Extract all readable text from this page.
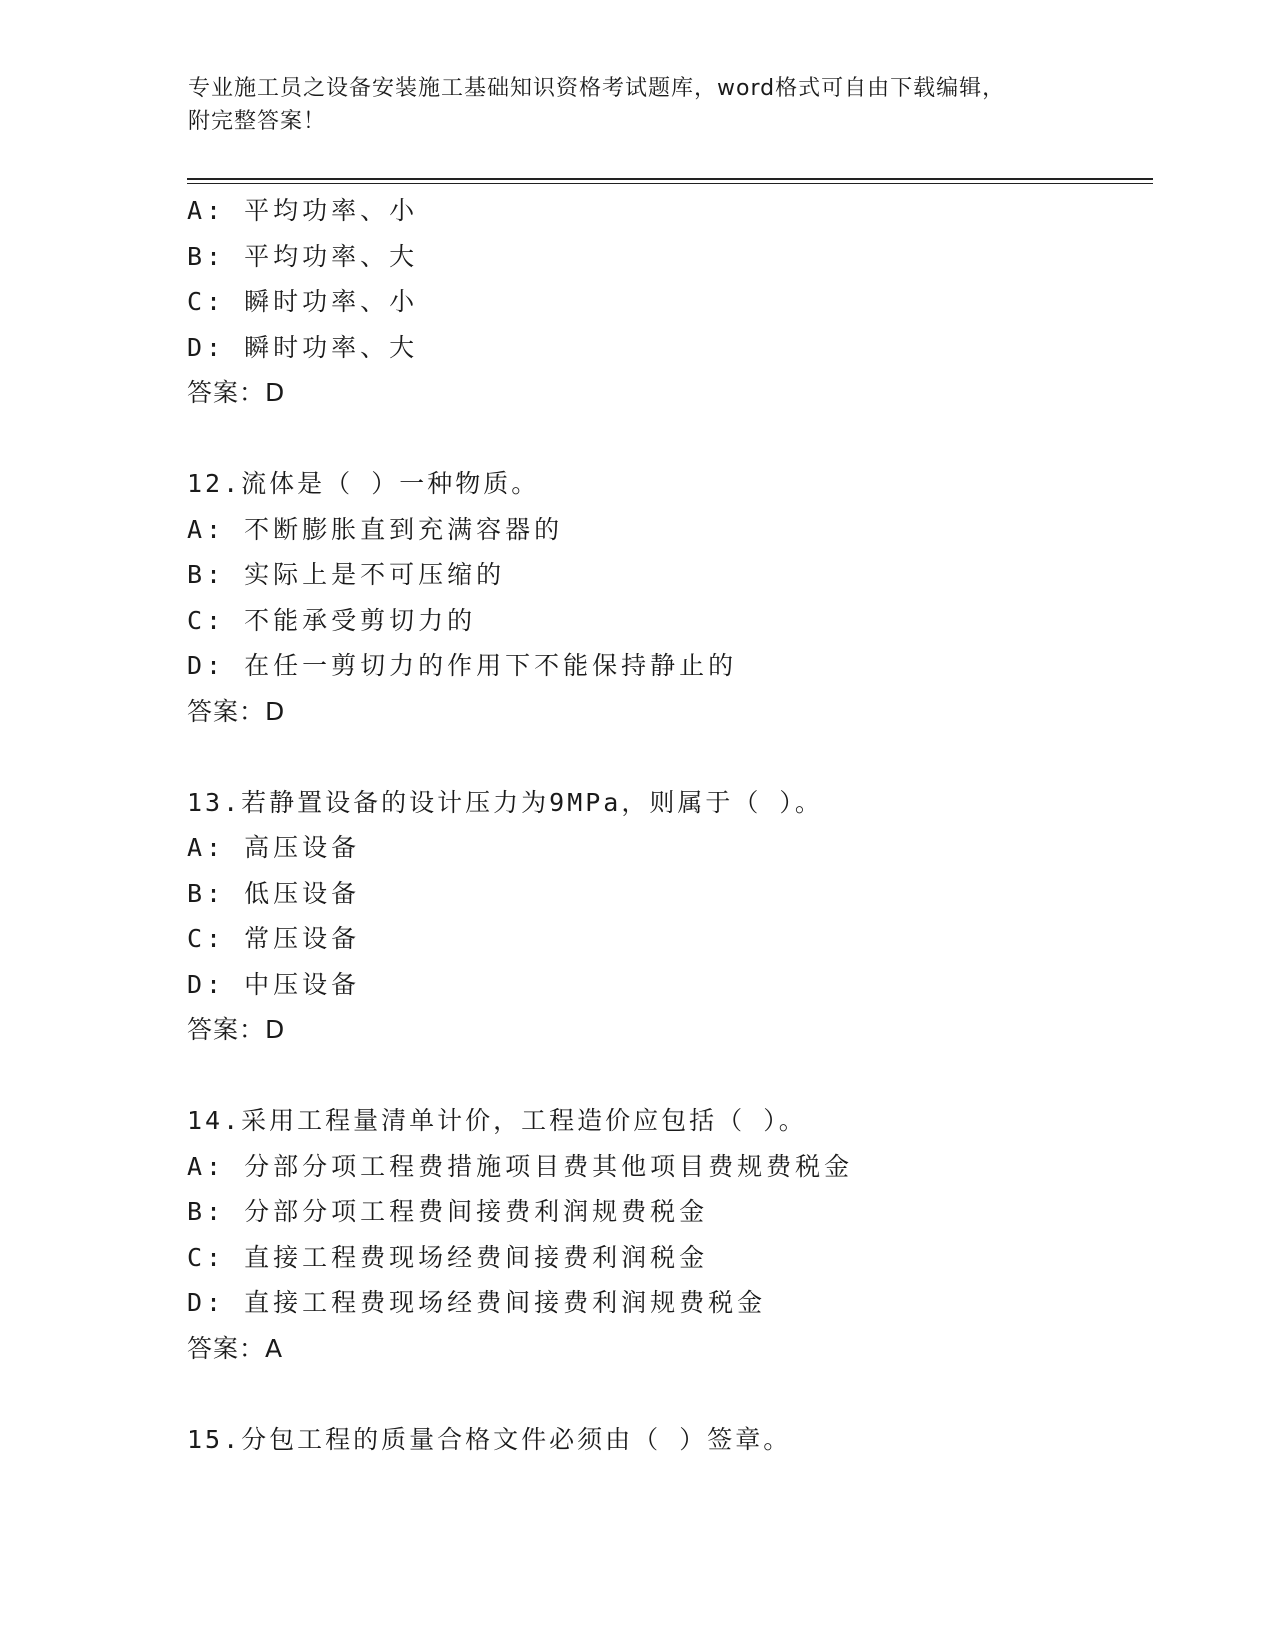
专业施工员之设备安装施工基础知识资格考试题库，word格式可自由下载编辑，
附完整答案！
A: 平均功率、小
B: 平均功率、大
C: 瞬时功率、小
D: 瞬时功率、大
答案：D
12.流体是（ ）一种物质。
A: 不断膨胀直到充满容器的
B: 实际上是不可压缩的
C: 不能承受剪切力的
D: 在任一剪切力的作用下不能保持静止的
答案：D
13.若静置设备的设计压力为9MPa，则属于（ ）。
A: 高压设备
B: 低压设备
C: 常压设备
D: 中压设备
答案：D
14.采用工程量清单计价，工程造价应包括（ ）。
A: 分部分项工程费措施项目费其他项目费规费税金
B: 分部分项工程费间接费利润规费税金
C: 直接工程费现场经费间接费利润税金
D: 直接工程费现场经费间接费利润规费税金
答案：A
15.分包工程的质量合格文件必须由（ ）签章。
